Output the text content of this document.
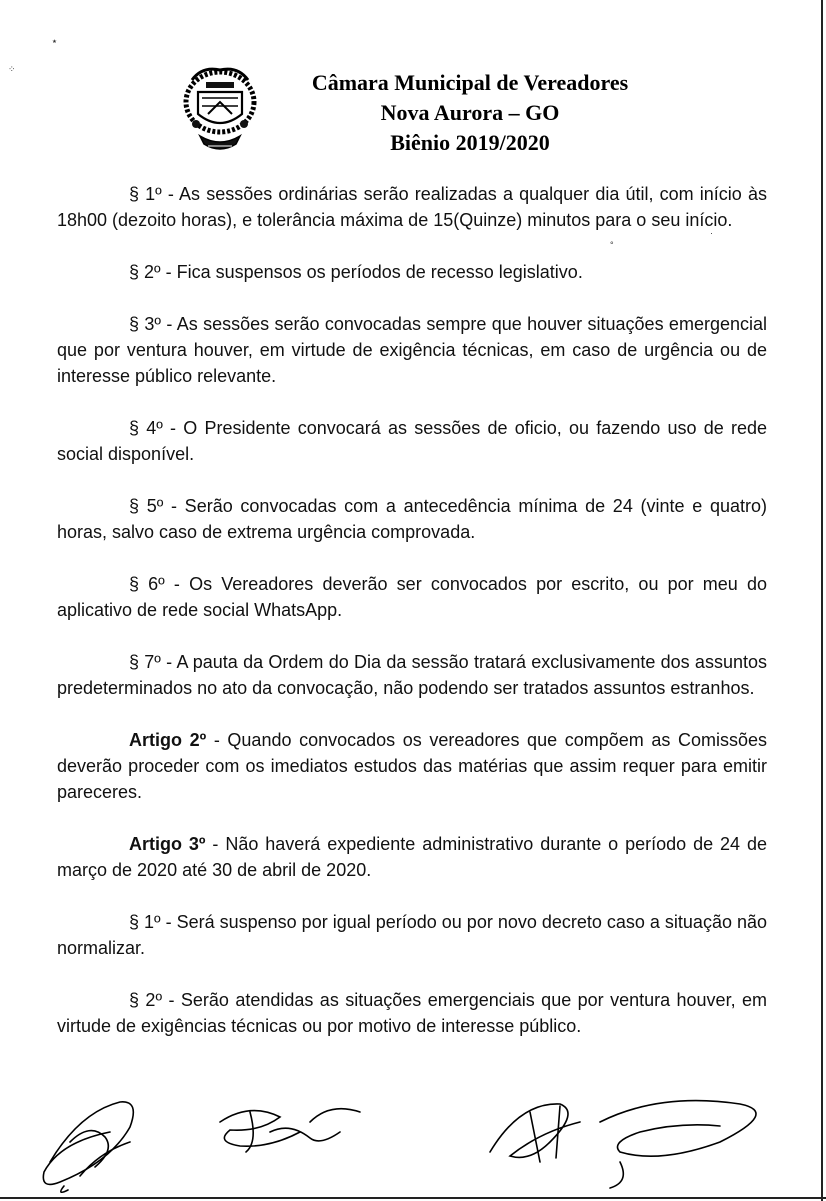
٭
⁘
°
·
Câmara Municipal de Vereadores
Nova Aurora – GO
Biênio 2019/2020

§ 1º - As sessões ordinárias serão realizadas a qualquer dia útil, com início às 18h00 (dezoito horas), e tolerância máxima de 15(Quinze) minutos para o seu início.

§ 2º - Fica suspensos os períodos de recesso legislativo.

§ 3º - As sessões serão convocadas sempre que houver situações emergencial que por ventura houver, em virtude de exigência técnicas, em caso de urgência ou de interesse público relevante.

§ 4º - O Presidente convocará as sessões de oficio, ou fazendo uso de rede social disponível.

§ 5º - Serão convocadas com a antecedência mínima de 24 (vinte e quatro) horas, salvo caso de extrema urgência comprovada.

§ 6º - Os Vereadores deverão ser convocados por escrito, ou por meu do aplicativo de rede social WhatsApp.

§ 7º - A pauta da Ordem do Dia da sessão tratará exclusivamente dos assuntos predeterminados no ato da convocação, não podendo ser tratados assuntos estranhos.

Artigo 2º - Quando convocados os vereadores que compõem as Comissões deverão proceder com os imediatos estudos das matérias que assim requer para emitir pareceres.

Artigo 3º - Não haverá expediente administrativo durante o período de 24 de março de 2020 até 30 de abril de 2020.

§ 1º - Será suspenso por igual período ou por novo decreto caso a situação não normalizar.

§ 2º - Serão atendidas as situações emergenciais que por ventura houver, em virtude de exigências técnicas ou por motivo de interesse público.
